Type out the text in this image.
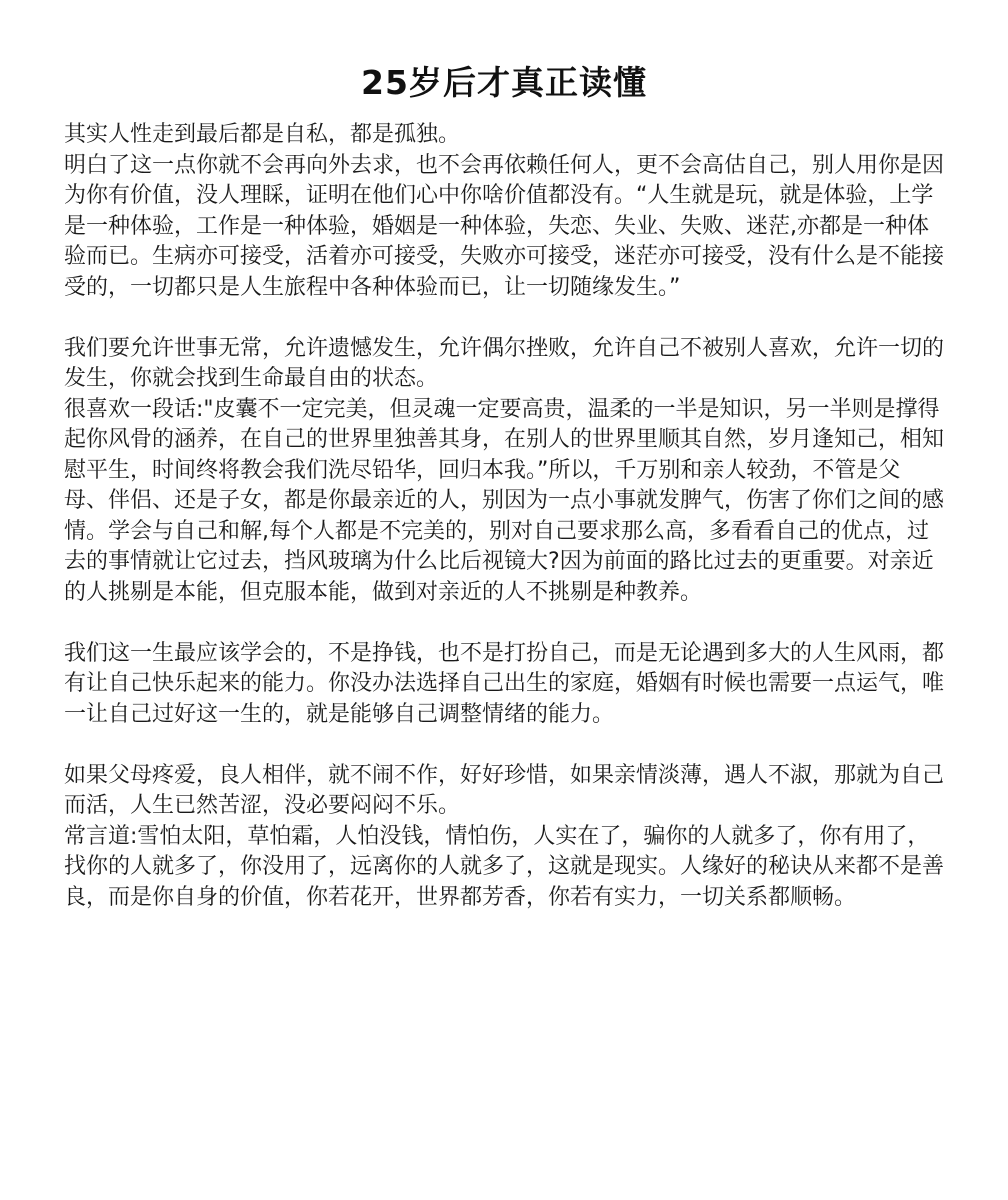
25岁后才真正读懂

其实人性走到最后都是自私，都是孤独。

明白了这一点你就不会再向外去求，也不会再依赖任何人，更不会高估自己，别人用你是因为你有价值，没人理睬，证明在他们心中你啥价值都没有。“人生就是玩，就是体验，上学是一种体验，工作是一种体验，婚姻是一种体验，失恋、失业、失败、迷茫,亦都是一种体验而已。生病亦可接受，活着亦可接受，失败亦可接受，迷茫亦可接受，没有什么是不能接受的，一切都只是人生旅程中各种体验而已，让一切随缘发生。”

我们要允许世事无常，允许遗憾发生，允许偶尔挫败，允许自己不被别人喜欢，允许一切的发生，你就会找到生命最自由的状态。

很喜欢一段话:"皮囊不一定完美，但灵魂一定要高贵，温柔的一半是知识，另一半则是撑得起你风骨的涵养，在自己的世界里独善其身，在别人的世界里顺其自然，岁月逢知己，相知慰平生，时间终将教会我们洗尽铅华，回归本我。”所以，千万别和亲人较劲，不管是父母、伴侣、还是子女，都是你最亲近的人，别因为一点小事就发脾气，伤害了你们之间的感情。学会与自己和解,每个人都是不完美的，别对自己要求那么高，多看看自己的优点，过去的事情就让它过去，挡风玻璃为什么比后视镜大?因为前面的路比过去的更重要。对亲近的人挑剔是本能，但克服本能，做到对亲近的人不挑剔是种教养。

我们这一生最应该学会的，不是挣钱，也不是打扮自己，而是无论遇到多大的人生风雨，都有让自己快乐起来的能力。你没办法选择自己出生的家庭，婚姻有时候也需要一点运气，唯一让自己过好这一生的，就是能够自己调整情绪的能力。

如果父母疼爱，良人相伴，就不闹不作，好好珍惜，如果亲情淡薄，遇人不淑，那就为自己而活，人生已然苦涩，没必要闷闷不乐。

常言道:雪怕太阳，草怕霜，人怕没钱，情怕伤，人实在了，骗你的人就多了，你有用了，找你的人就多了，你没用了，远离你的人就多了，这就是现实。人缘好的秘诀从来都不是善良，而是你自身的价值，你若花开，世界都芳香，你若有实力，一切关系都顺畅。
